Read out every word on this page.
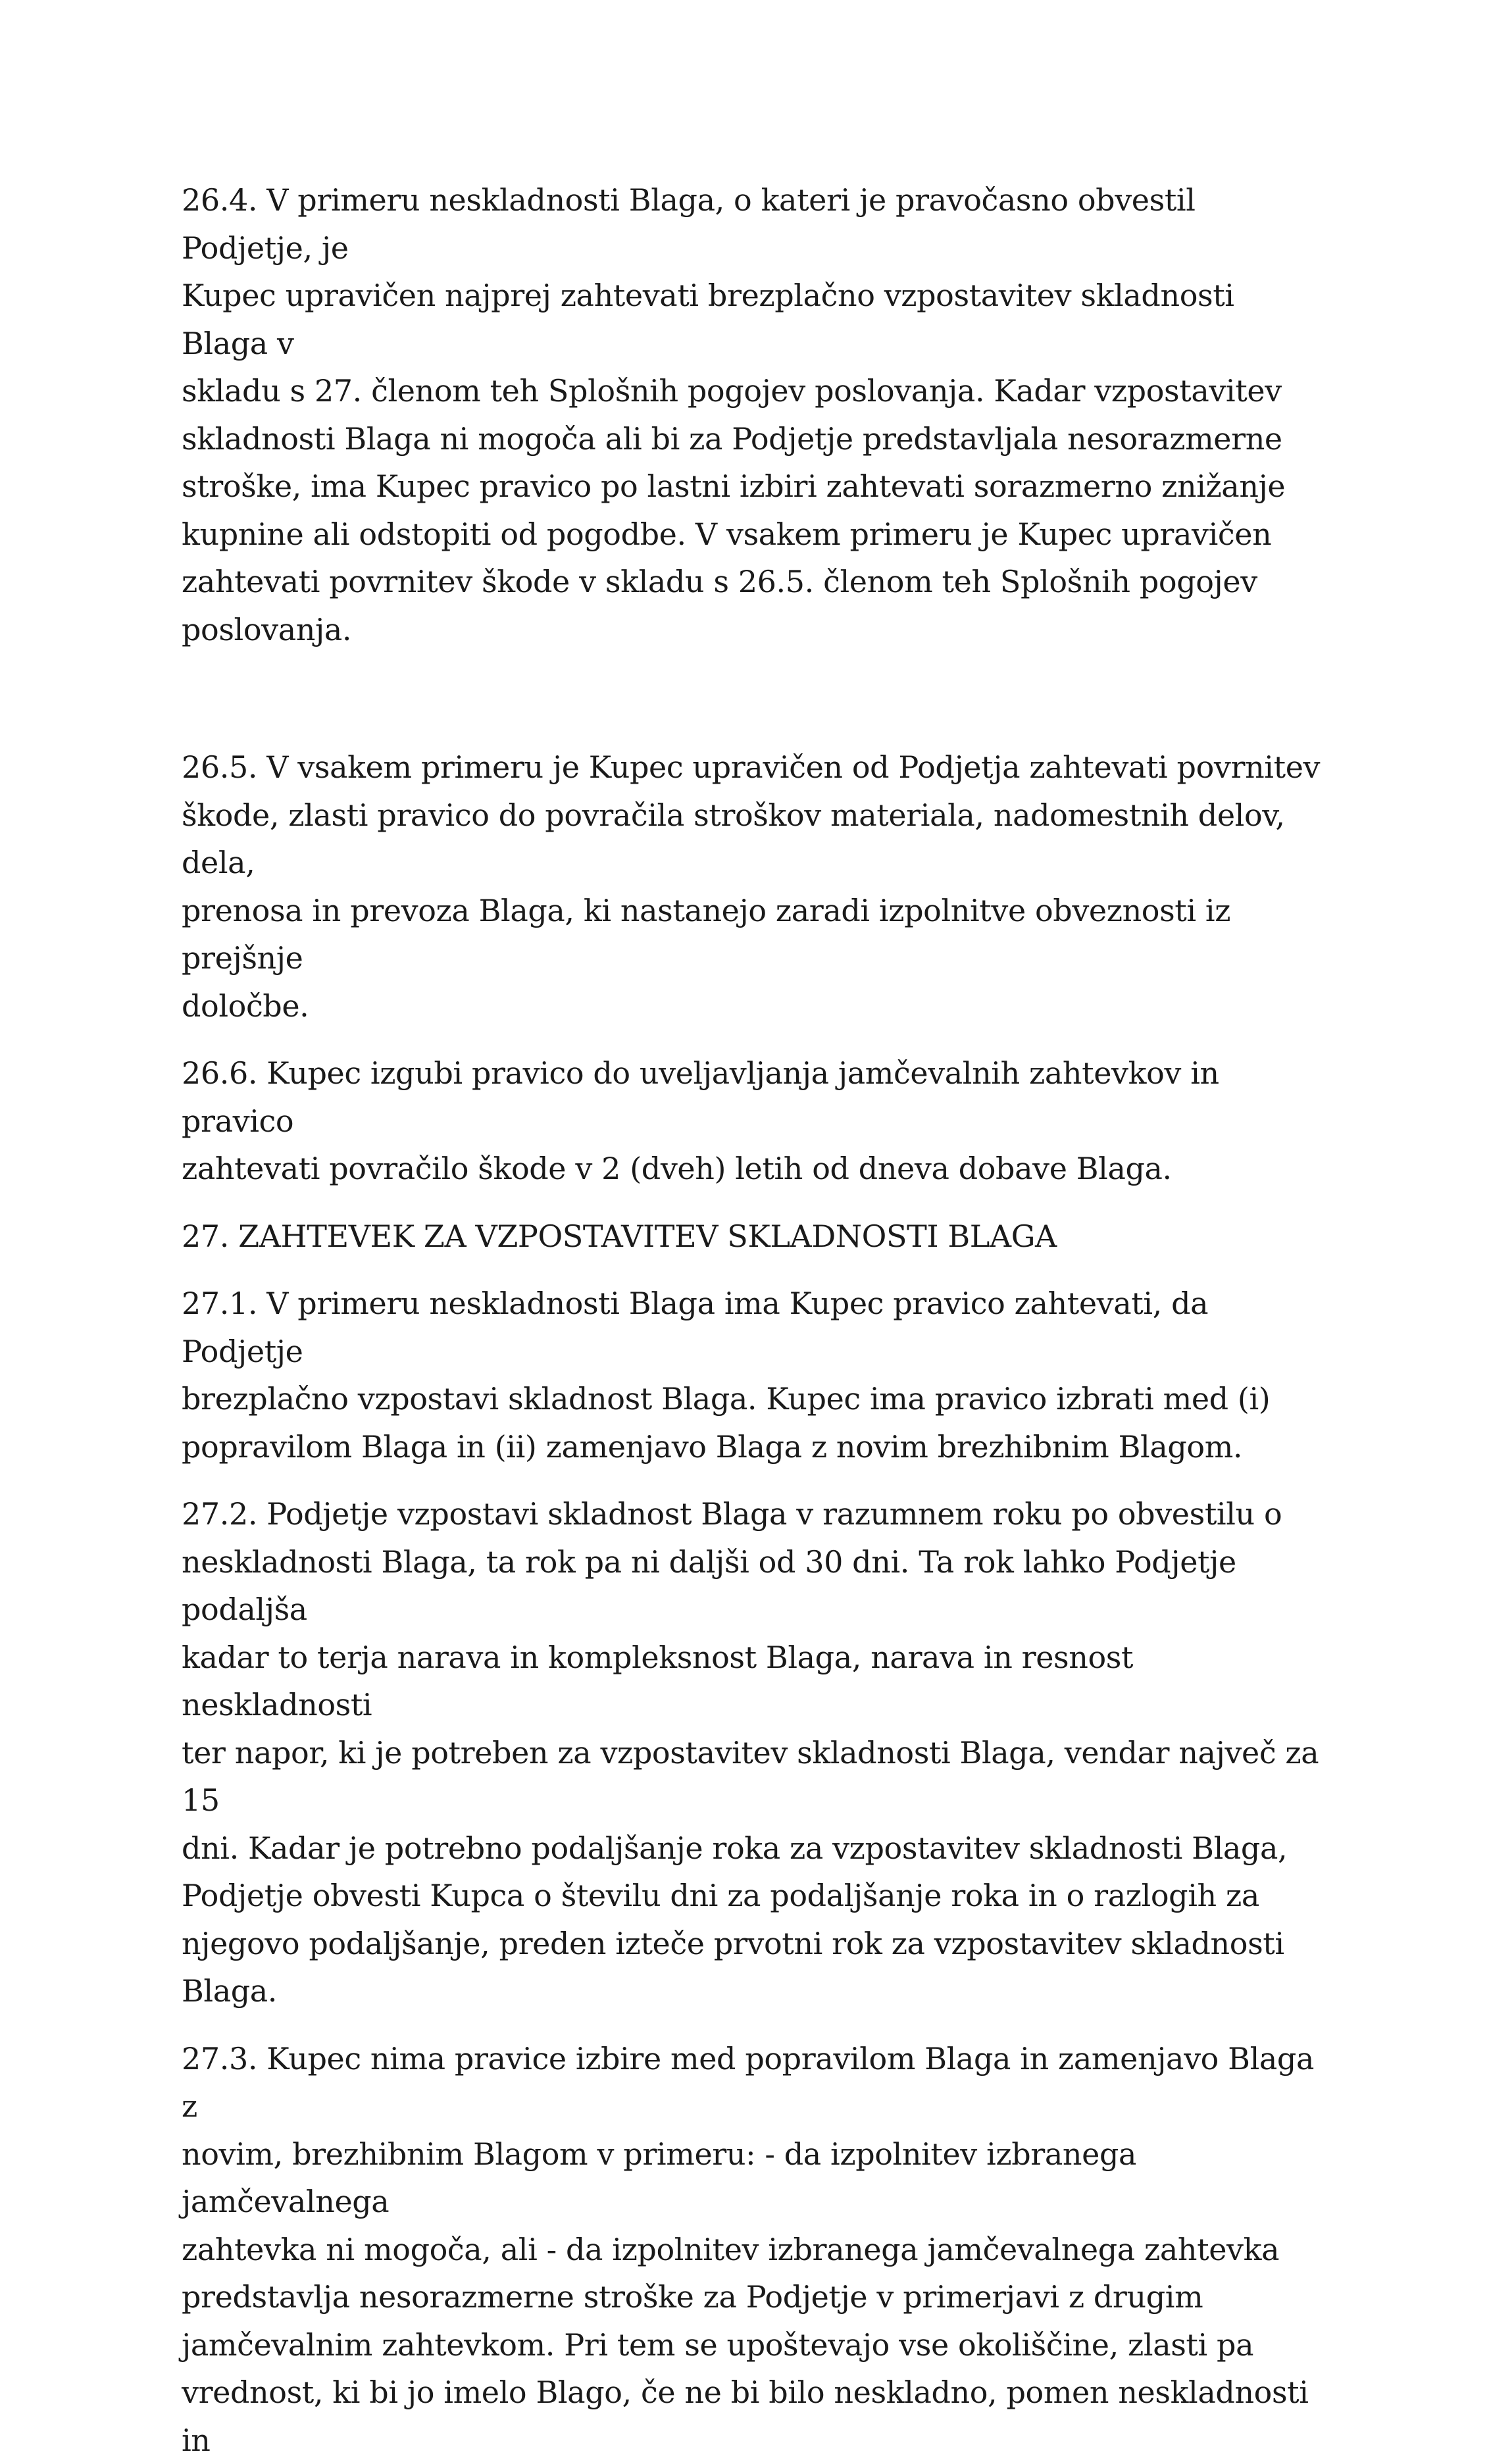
26.4. V primeru neskladnosti Blaga, o kateri je pravočasno obvestil Podjetje, je
Kupec upravičen najprej zahtevati brezplačno vzpostavitev skladnosti Blaga v
skladu s 27. členom teh Splošnih pogojev poslovanja. Kadar vzpostavitev
skladnosti Blaga ni mogoča ali bi za Podjetje predstavljala nesorazmerne
stroške, ima Kupec pravico po lastni izbiri zahtevati sorazmerno znižanje
kupnine ali odstopiti od pogodbe. V vsakem primeru je Kupec upravičen
zahtevati povrnitev škode v skladu s 26.5. členom teh Splošnih pogojev
poslovanja.

26.5. V vsakem primeru je Kupec upravičen od Podjetja zahtevati povrnitev
škode, zlasti pravico do povračila stroškov materiala, nadomestnih delov, dela,
prenosa in prevoza Blaga, ki nastanejo zaradi izpolnitve obveznosti iz prejšnje
določbe.

26.6. Kupec izgubi pravico do uveljavljanja jamčevalnih zahtevkov in pravico
zahtevati povračilo škode v 2 (dveh) letih od dneva dobave Blaga.

27. ZAHTEVEK ZA VZPOSTAVITEV SKLADNOSTI BLAGA

27.1. V primeru neskladnosti Blaga ima Kupec pravico zahtevati, da Podjetje
brezplačno vzpostavi skladnost Blaga. Kupec ima pravico izbrati med (i)
popravilom Blaga in (ii) zamenjavo Blaga z novim brezhibnim Blagom.

27.2. Podjetje vzpostavi skladnost Blaga v razumnem roku po obvestilu o
neskladnosti Blaga, ta rok pa ni daljši od 30 dni. Ta rok lahko Podjetje podaljša
kadar to terja narava in kompleksnost Blaga, narava in resnost neskladnosti
ter napor, ki je potreben za vzpostavitev skladnosti Blaga, vendar največ za 15
dni. Kadar je potrebno podaljšanje roka za vzpostavitev skladnosti Blaga,
Podjetje obvesti Kupca o številu dni za podaljšanje roka in o razlogih za
njegovo podaljšanje, preden izteče prvotni rok za vzpostavitev skladnosti
Blaga.

27.3. Kupec nima pravice izbire med popravilom Blaga in zamenjavo Blaga z
novim, brezhibnim Blagom v primeru: - da izpolnitev izbranega jamčevalnega
zahtevka ni mogoča, ali - da izpolnitev izbranega jamčevalnega zahtevka
predstavlja nesorazmerne stroške za Podjetje v primerjavi z drugim
jamčevalnim zahtevkom. Pri tem se upoštevajo vse okoliščine, zlasti pa
vrednost, ki bi jo imelo Blago, če ne bi bilo neskladno, pomen neskladnosti in
